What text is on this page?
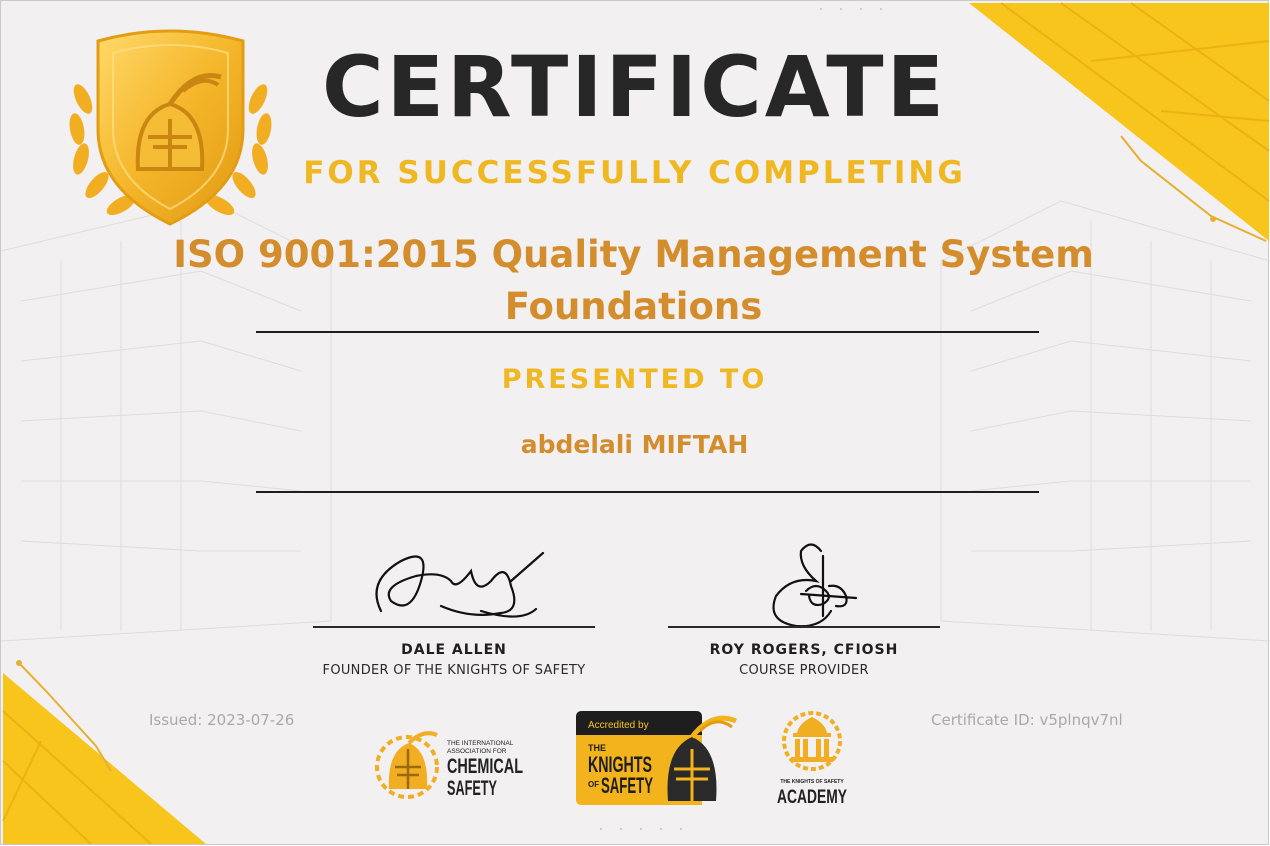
CERTIFICATE
FOR SUCCESSFULLY COMPLETING
ISO 9001:2015 Quality Management System Foundations
PRESENTED TO
abdelali MIFTAH
DALE ALLEN
FOUNDER OF THE KNIGHTS OF SAFETY
ROY ROGERS, CFIOSH
COURSE PROVIDER
Issued: 2023-07-26	Certificate ID: v5plnqv7nl
THE INTERNATIONAL
ASSOCIATION FOR
CHEMICAL
SAFETY
Accredited by
THE
KNIGHTS
OF SAFETY	THE KNIGHTS OF SAFETY
ACADEMY
